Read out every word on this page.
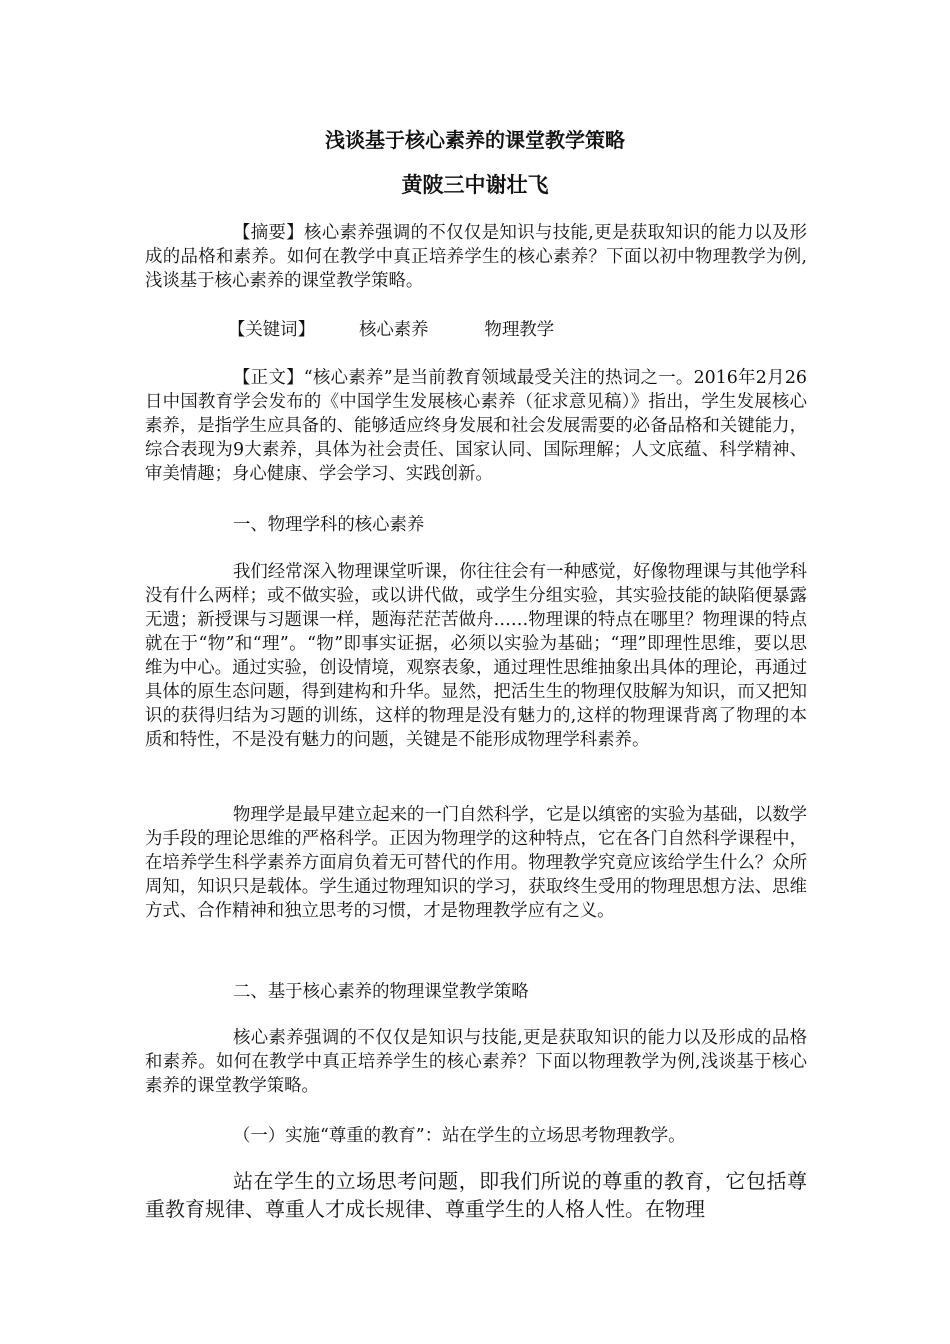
浅谈基于核心素养的课堂教学策略
黄陂三中谢壮飞

【摘要】核心素养强调的不仅仅是知识与技能,更是获取知识的能力以及形成的品格和素养。如何在教学中真正培养学生的核心素养？下面以初中物理教学为例,浅谈基于核心素养的课堂教学策略。

【关键词】	核心素养	物理教学

【正文】“核心素养”是当前教育领域最受关注的热词之一。2016年2月26日中国教育学会发布的《中国学生发展核心素养（征求意见稿）》指出，学生发展核心素养，是指学生应具备的、能够适应终身发展和社会发展需要的必备品格和关键能力，综合表现为9大素养，具体为社会责任、国家认同、国际理解；人文底蕴、科学精神、审美情趣；身心健康、学会学习、实践创新。

一、物理学科的核心素养

我们经常深入物理课堂听课，你往往会有一种感觉，好像物理课与其他学科没有什么两样；或不做实验，或以讲代做，或学生分组实验，其实验技能的缺陷便暴露无遗；新授课与习题课一样，题海茫茫苦做舟……物理课的特点在哪里？物理课的特点就在于“物”和“理”。“物”即事实证据，必须以实验为基础；“理”即理性思维，要以思维为中心。通过实验，创设情境，观察表象，通过理性思维抽象出具体的理论，再通过具体的原生态问题，得到建构和升华。显然，把活生生的物理仅肢解为知识，而又把知识的获得归结为习题的训练，这样的物理是没有魅力的,这样的物理课背离了物理的本质和特性，不是没有魅力的问题，关键是不能形成物理学科素养。

物理学是最早建立起来的一门自然科学，它是以缜密的实验为基础，以数学为手段的理论思维的严格科学。正因为物理学的这种特点，它在各门自然科学课程中，在培养学生科学素养方面肩负着无可替代的作用。物理教学究竟应该给学生什么？众所周知，知识只是载体。学生通过物理知识的学习，获取终生受用的物理思想方法、思维方式、合作精神和独立思考的习惯，才是物理教学应有之义。

二、基于核心素养的物理课堂教学策略

核心素养强调的不仅仅是知识与技能,更是获取知识的能力以及形成的品格和素养。如何在教学中真正培养学生的核心素养？下面以物理教学为例,浅谈基于核心素养的课堂教学策略。

（一）实施“尊重的教育”：站在学生的立场思考物理教学。

站在学生的立场思考问题，即我们所说的尊重的教育，它包括尊重教育规律、尊重人才成长规律、尊重学生的人格人性。在物理
